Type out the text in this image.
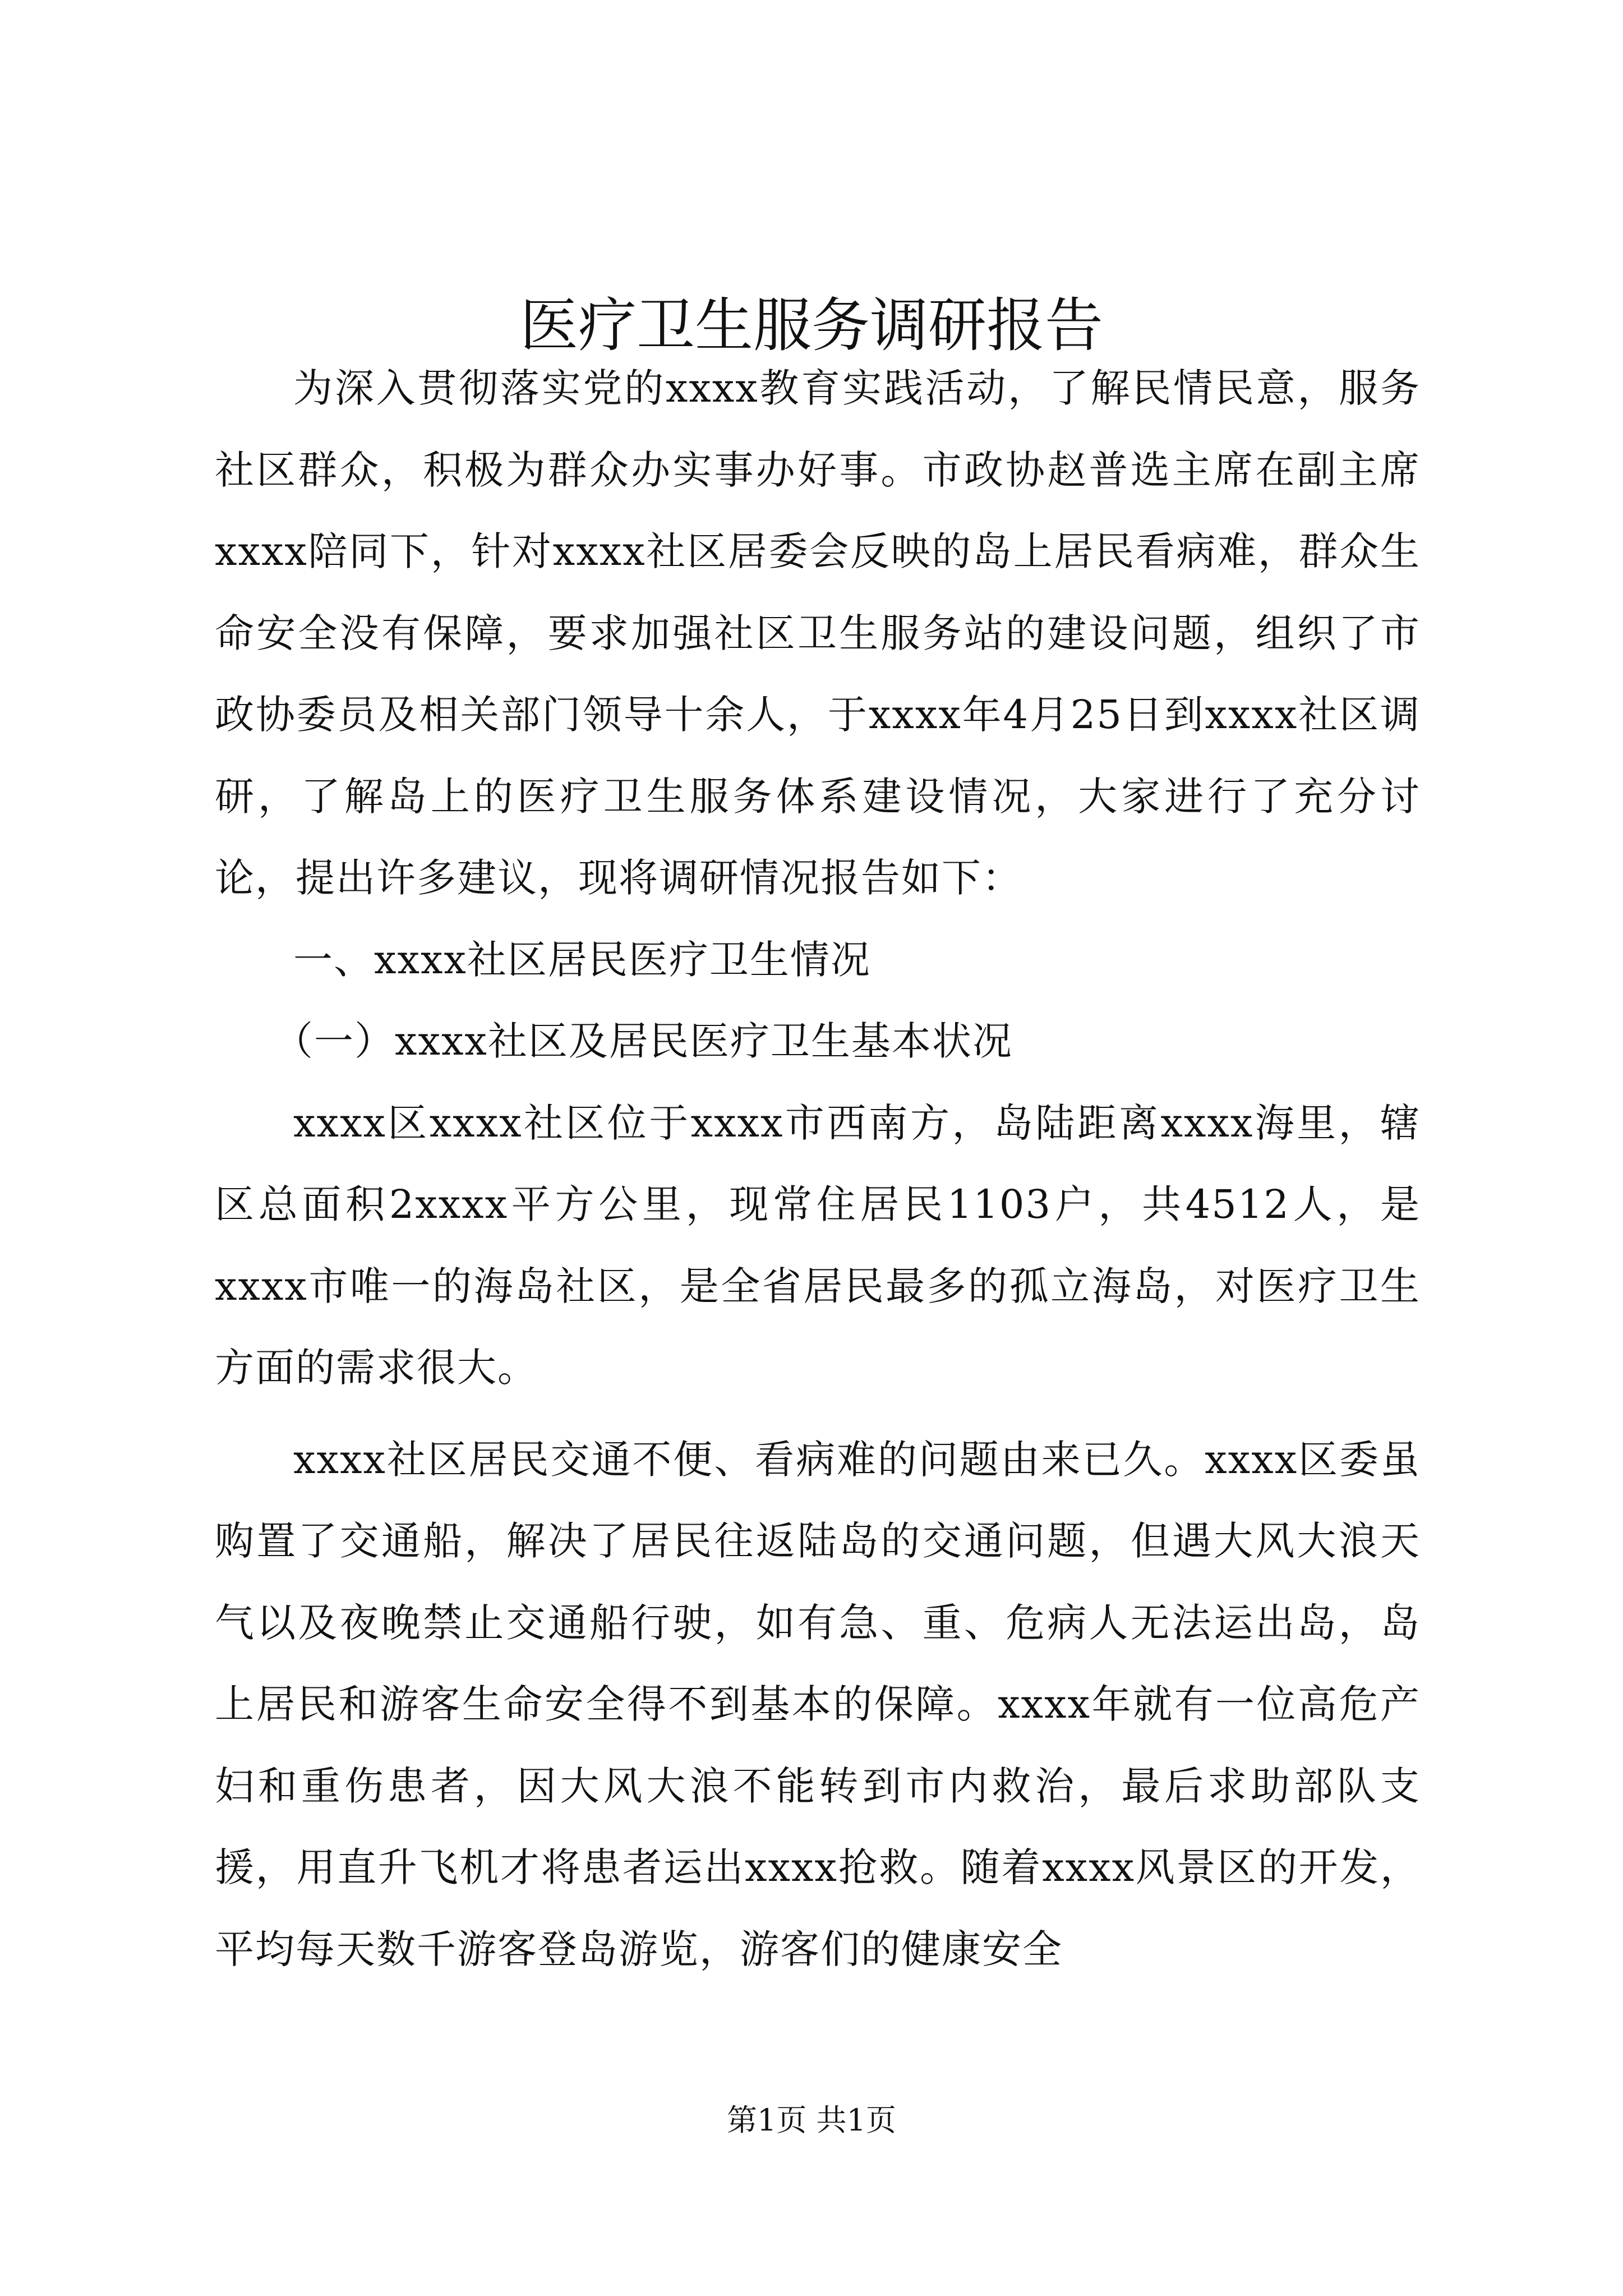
医疗卫生服务调研报告

为深入贯彻落实党的xxxx教育实践活动，了解民情民意，服务社区群众，积极为群众办实事办好事。市政协赵普选主席在副主席xxxx陪同下，针对xxxx社区居委会反映的岛上居民看病难，群众生命安全没有保障，要求加强社区卫生服务站的建设问题，组织了市政协委员及相关部门领导十余人，于xxxx年4月25日到xxxx社区调研，了解岛上的医疗卫生服务体系建设情况，大家进行了充分讨论，提出许多建议，现将调研情况报告如下：

一、xxxx社区居民医疗卫生情况

（一）xxxx社区及居民医疗卫生基本状况

xxxx区xxxx社区位于xxxx市西南方，岛陆距离xxxx海里，辖区总面积2xxxx平方公里，现常住居民1103户，共4512人，是xxxx市唯一的海岛社区，是全省居民最多的孤立海岛，对医疗卫生方面的需求很大。

xxxx社区居民交通不便、看病难的问题由来已久。xxxx区委虽购置了交通船，解决了居民往返陆岛的交通问题，但遇大风大浪天气以及夜晚禁止交通船行驶，如有急、重、危病人无法运出岛，岛上居民和游客生命安全得不到基本的保障。xxxx年就有一位高危产妇和重伤患者，因大风大浪不能转到市内救治，最后求助部队支援，用直升飞机才将患者运出xxxx抢救。随着xxxx风景区的开发，平均每天数千游客登岛游览，游客们的健康安全

第1页 共1页
